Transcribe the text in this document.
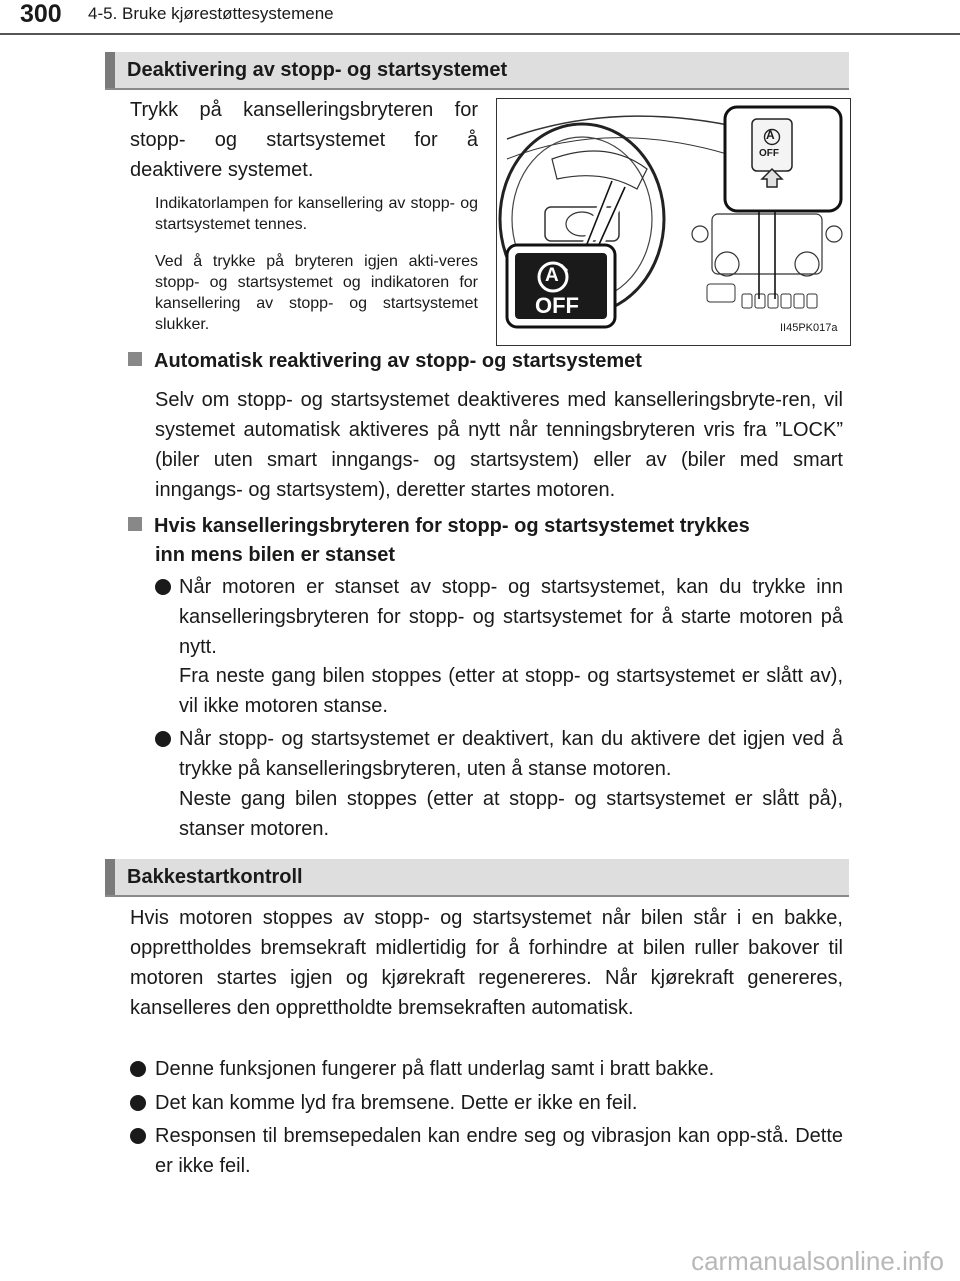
300 4-5. Bruke kjørestøttesystemene
Deaktivering av stopp- og startsystemet
Trykk på kanselleringsbryteren for stopp- og startsystemet for å deaktivere systemet.
Indikatorlampen for kansellering av stopp- og startsystemet tennes.
Ved å trykke på bryteren igjen akti-veres stopp- og startsystemet og indikatoren for kansellering av stopp- og startsystemet slukker.
A
OFF
A
OFF
II45PK017a
Automatisk reaktivering av stopp- og startsystemet
Selv om stopp- og startsystemet deaktiveres med kanselleringsbryte-ren, vil systemet automatisk aktiveres på nytt når tenningsbryteren vris fra ”LOCK” (biler uten smart inngangs- og startsystem) eller av (biler med smart inngangs- og startsystem), deretter startes motoren.
Hvis kanselleringsbryteren for stopp- og startsystemet trykkes
inn mens bilen er stanset
Når motoren er stanset av stopp- og startsystemet, kan du trykke inn kanselleringsbryteren for stopp- og startsystemet for å starte motoren på nytt.
Fra neste gang bilen stoppes (etter at stopp- og startsystemet er slått av), vil ikke motoren stanse.
Når stopp- og startsystemet er deaktivert, kan du aktivere det igjen ved å trykke på kanselleringsbryteren, uten å stanse motoren.
Neste gang bilen stoppes (etter at stopp- og startsystemet er slått på), stanser motoren.
Bakkestartkontroll
Hvis motoren stoppes av stopp- og startsystemet når bilen står i en bakke, opprettholdes bremsekraft midlertidig for å forhindre at bilen ruller bakover til motoren startes igjen og kjørekraft regenereres. Når kjørekraft genereres, kanselleres den opprettholdte bremsekraften automatisk.
Denne funksjonen fungerer på flatt underlag samt i bratt bakke.
Det kan komme lyd fra bremsene. Dette er ikke en feil.
Responsen til bremsepedalen kan endre seg og vibrasjon kan opp-stå. Dette er ikke feil.
carmanualsonline.info
